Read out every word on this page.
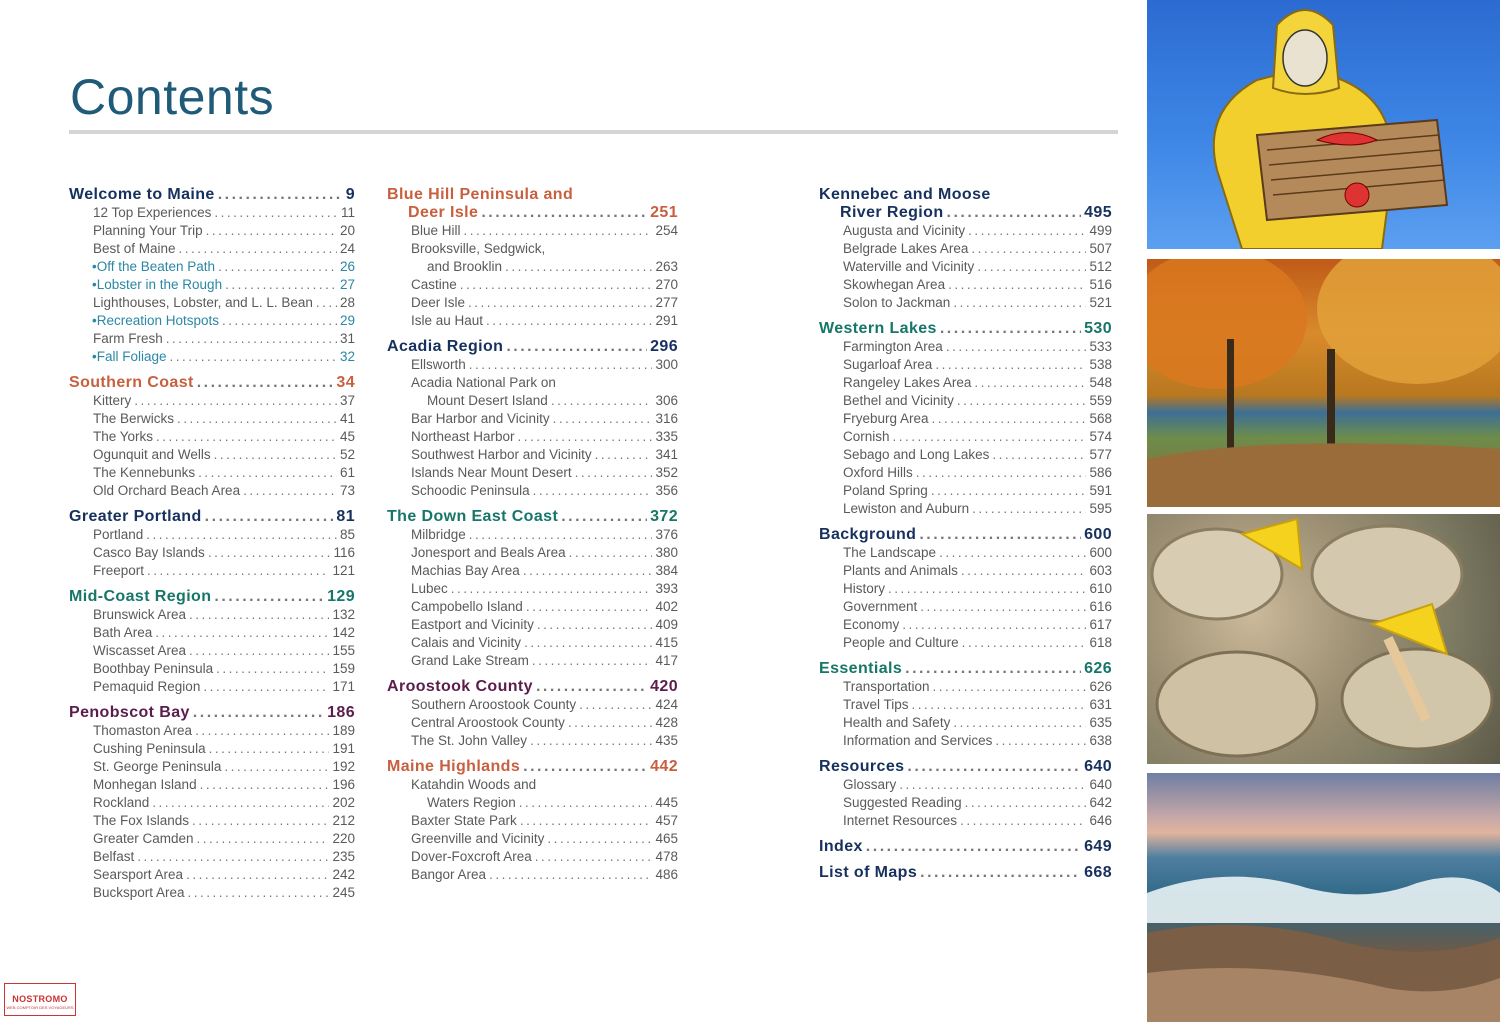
Contents
Welcome to Maine .....	9
12 Top Experiences .....	11
Planning Your Trip .....	20
Best of Maine .....	24
• Off the Beaten Path .....	26
• Lobster in the Rough .....	27
Lighthouses, Lobster, and L. L. Bean ..... 28
• Recreation Hotspots .....	29
Farm Fresh .....	31
• Fall Foliage .....	32
Southern Coast .....	34
Kittery .....	37
The Berwicks .....	41
The Yorks .....	45
Ogunquit and Wells .....	52
The Kennebunks .....	61
Old Orchard Beach Area .....	73
Greater Portland .....	81
Portland .....	85
Casco Bay Islands .....	116
Freeport .....	121
Mid-Coast Region .....	129
Brunswick Area .....	132
Bath Area .....	142
Wiscasset Area .....	155
Boothbay Peninsula .....	159
Pemaquid Region .....	171
Penobscot Bay .....	186
Thomaston Area .....	189
Cushing Peninsula .....	191
St. George Peninsula .....	192
Monhegan Island .....	196
Rockland .....	202
The Fox Islands .....	212
Greater Camden .....	220
Belfast .....	235
Searsport Area .....	242
Bucksport Area .....	245
Blue Hill Peninsula and
Deer Isle .....	251
Blue Hill .....	254
Brooksville, Sedgwick,
and Brooklin .....	263
Castine .....	270
Deer Isle .....	277
Isle au Haut .....	291
Acadia Region .....	296
Ellsworth .....	300
Acadia National Park on
Mount Desert Island .....	306
Bar Harbor and Vicinity .....	316
Northeast Harbor .....	335
Southwest Harbor and Vicinity .....	341
Islands Near Mount Desert .....	352
Schoodic Peninsula .....	356
The Down East Coast .....	372
Milbridge .....	376
Jonesport and Beals Area .....	380
Machias Bay Area .....	384
Lubec .....	393
Campobello Island .....	402
Eastport and Vicinity .....	409
Calais and Vicinity .....	415
Grand Lake Stream .....	417
Aroostook County .....	420
Southern Aroostook County .....	424
Central Aroostook County .....	428
The St. John Valley .....	435
Maine Highlands .....	442
Katahdin Woods and
Waters Region .....	445
Baxter State Park .....	457
Greenville and Vicinity .....	465
Dover-Foxcroft Area .....	478
Bangor Area .....	486
Kennebec and Moose
River Region .....	495
Augusta and Vicinity .....	499
Belgrade Lakes Area .....	507
Waterville and Vicinity .....	512
Skowhegan Area .....	516
Solon to Jackman .....	521
Western Lakes .....	530
Farmington Area .....	533
Sugarloaf Area .....	538
Rangeley Lakes Area .....	548
Bethel and Vicinity .....	559
Fryeburg Area .....	568
Cornish .....	574
Sebago and Long Lakes .....	577
Oxford Hills .....	586
Poland Spring .....	591
Lewiston and Auburn .....	595
Background .....	600
The Landscape .....	600
Plants and Animals .....	603
History .....	610
Government .....	616
Economy .....	617
People and Culture .....	618
Essentials .....	626
Transportation .....	626
Travel Tips .....	631
Health and Safety .....	635
Information and Services .....	638
Resources .....	640
Glossary .....	640
Suggested Reading .....	642
Internet Resources .....	646
Index .....	649
List of Maps .....	668
NOSTROMO
WEB COMPTOIR DES VOYAGEURS
